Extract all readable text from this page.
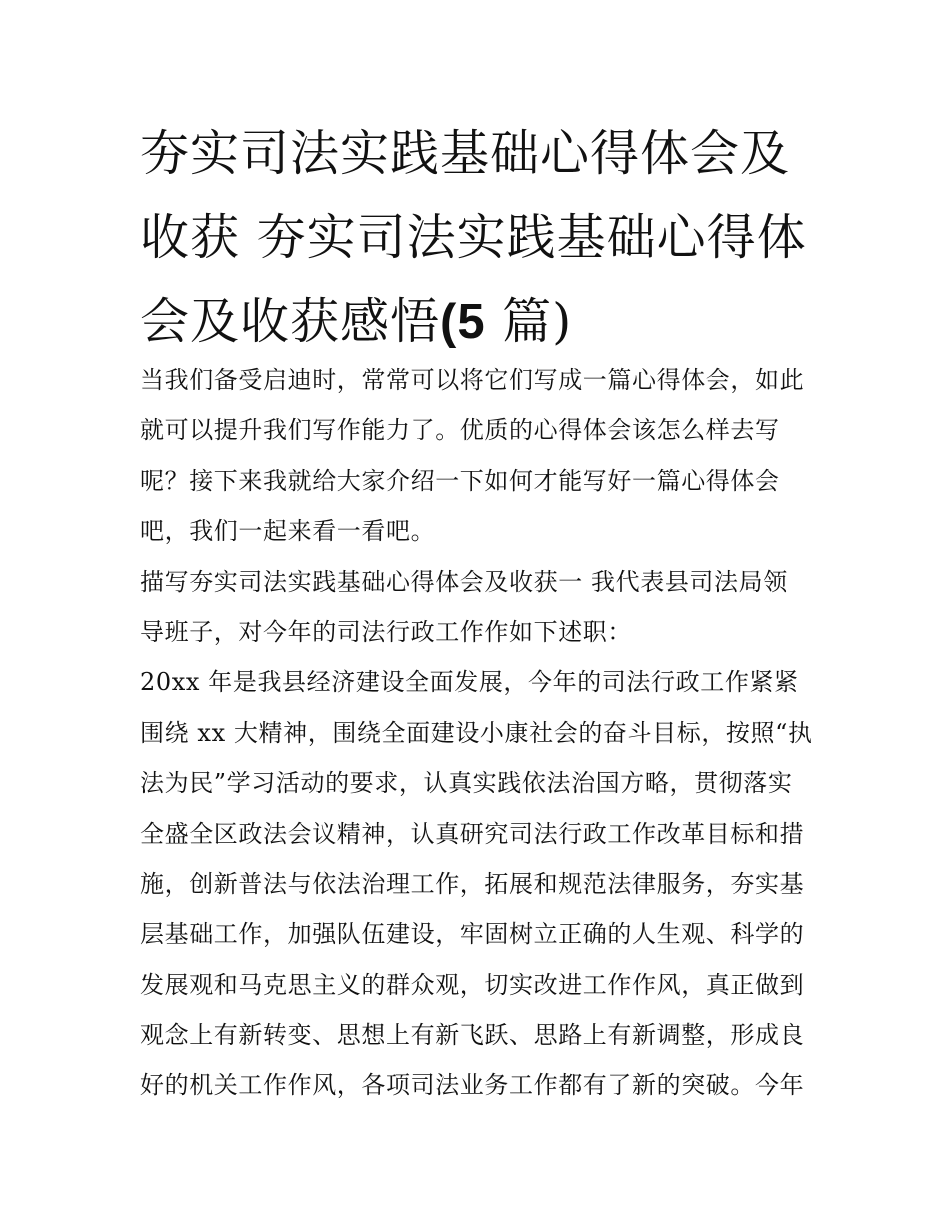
夯实司法实践基础心得体会及
收获 夯实司法实践基础心得体
会及收获感悟(5 篇)
当我们备受启迪时，常常可以将它们写成一篇心得体会，如此
就可以提升我们写作能力了。优质的心得体会该怎么样去写
呢？接下来我就给大家介绍一下如何才能写好一篇心得体会
吧，我们一起来看一看吧。
描写夯实司法实践基础心得体会及收获一 我代表县司法局领
导班子，对今年的司法行政工作作如下述职：
20xx 年是我县经济建设全面发展，今年的司法行政工作紧紧
围绕 xx 大精神，围绕全面建设小康社会的奋斗目标，按照“执
法为民”学习活动的要求，认真实践依法治国方略，贯彻落实
全盛全区政法会议精神，认真研究司法行政工作改革目标和措
施，创新普法与依法治理工作，拓展和规范法律服务，夯实基
层基础工作，加强队伍建设，牢固树立正确的人生观、科学的
发展观和马克思主义的群众观，切实改进工作作风，真正做到
观念上有新转变、思想上有新飞跃、思路上有新调整，形成良
好的机关工作作风，各项司法业务工作都有了新的突破。今年
